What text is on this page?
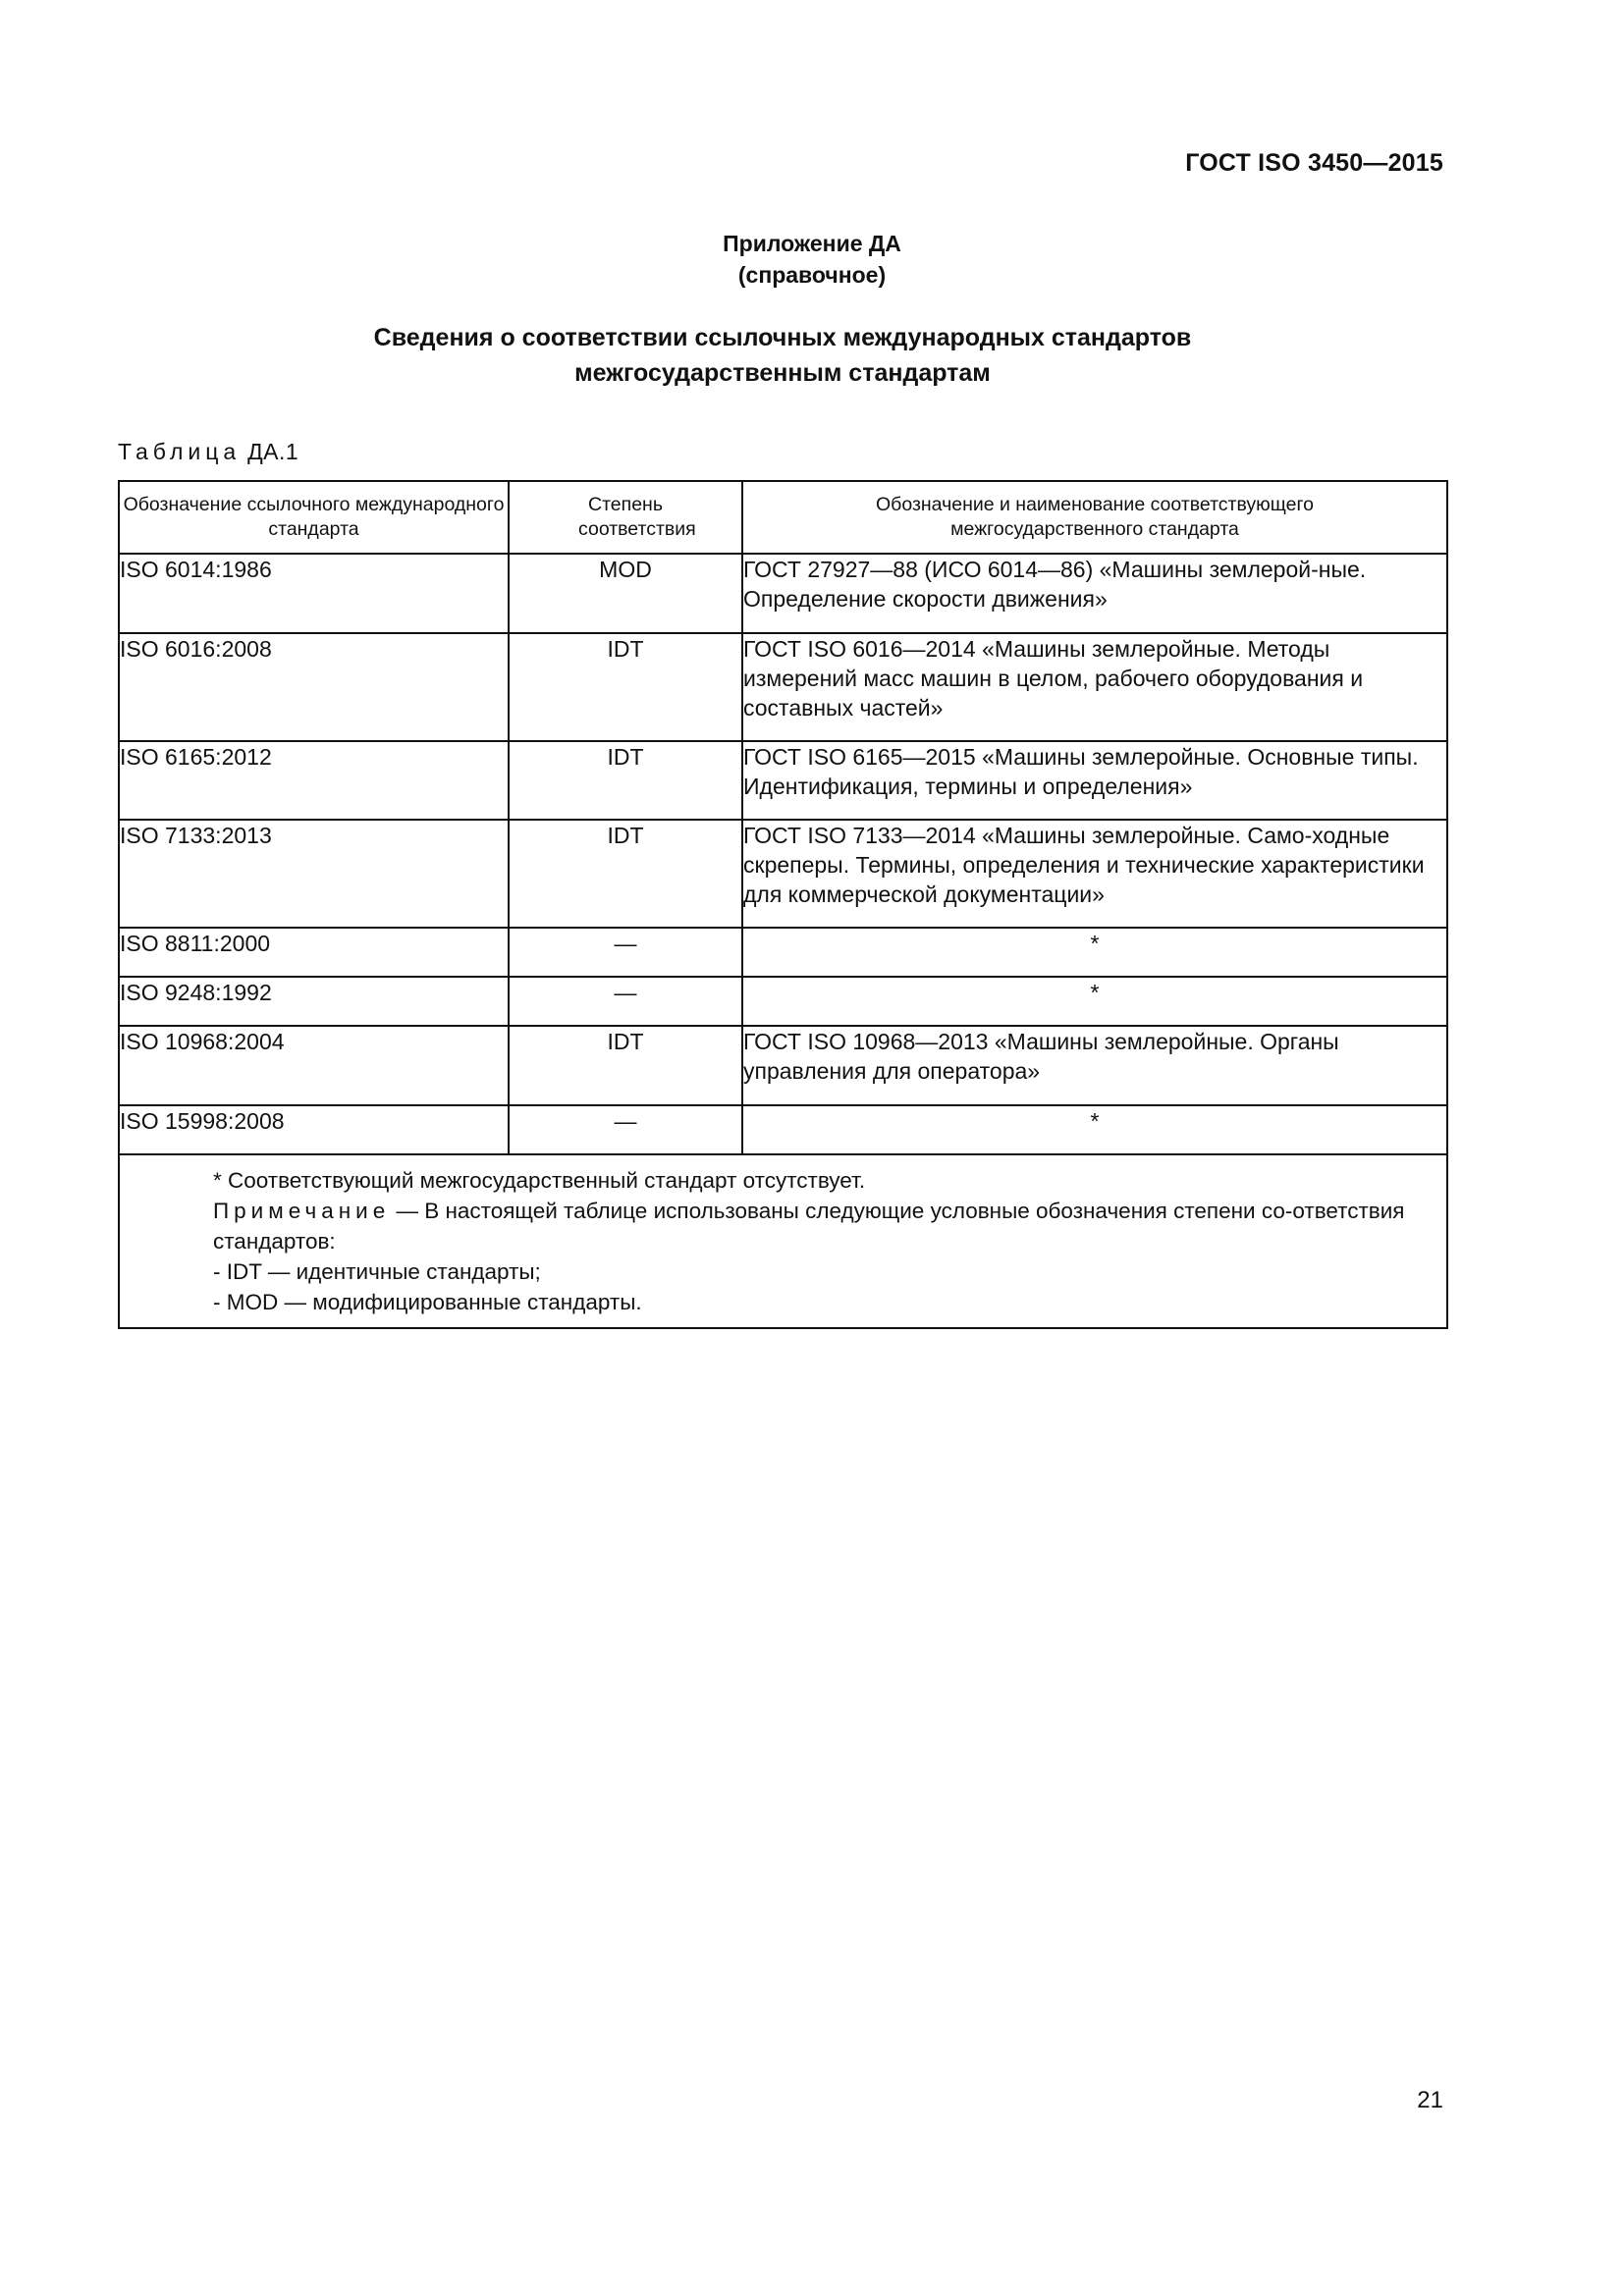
ГОСТ ISO 3450—2015
Приложение ДА
(справочное)
Сведения о соответствии ссылочных международных стандартов
межгосударственным стандартам
Таблица ДА.1
Обозначение ссылочного международного стандарта	Степень соответствия	Обозначение и наименование соответствующего межгосударственного стандарта
ISO 6014:1986	MOD	ГОСТ 27927—88 (ИСО 6014—86) «Машины землерой-ные. Определение скорости движения»
ISO 6016:2008	IDT	ГОСТ ISO 6016—2014 «Машины землеройные. Методы измерений масс машин в целом, рабочего оборудования и составных частей»
ISO 6165:2012	IDT	ГОСТ ISO 6165—2015 «Машины землеройные. Основные типы. Идентификация, термины и определения»
ISO 7133:2013	IDT	ГОСТ ISO 7133—2014 «Машины землеройные. Само-ходные скреперы. Термины, определения и технические характеристики для коммерческой документации»
ISO 8811:2000	—	*
ISO 9248:1992	—	*
ISO 10968:2004	IDT	ГОСТ ISO 10968—2013 «Машины землеройные. Органы управления для оператора»
ISO 15998:2008	—	*

* Соответствующий межгосударственный стандарт отсутствует.

Примечание — В настоящей таблице использованы следующие условные обозначения степени со-ответствия стандартов:

- IDT — идентичные стандарты;

- MOD — модифицированные стандарты.		

21
